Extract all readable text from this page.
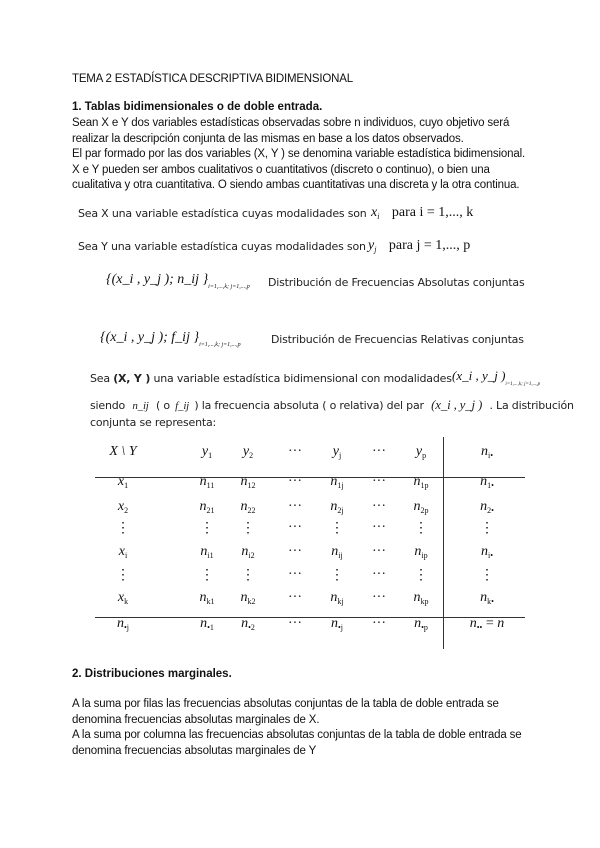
TEMA 2 ESTADÍSTICA DESCRIPTIVA BIDIMENSIONAL
1. Tablas bidimensionales o de doble entrada.
Sean X e Y dos variables estadísticas observadas sobre n individuos, cuyo objetivo será
realizar la descripción conjunta de las mismas en base a los datos observados.
El par formado por las dos variables (X, Y ) se denomina variable estadística bidimensional.
X e Y pueden ser ambos cualitativos o cuantitativos (discreto o continuo), o bien una
cualitativa y otra cuantitativa. O siendo ambas cuantitativas una discreta y la otra continua.
Sea X una variable estadística cuyas modalidades son $x_i$ para i = 1,..., k
Sea Y una variable estadística cuyas modalidades son $y_j$ para j = 1,..., p
{(x_i , y_j ); n_ij }$_{i=1,...,k; j=1,...,p}$ Distribución de Frecuencias Absolutas conjuntas
{(x_i , y_j ); f_ij }$_{i=1,...,k; j=1,...,p}$	Distribución de Frecuencias Relativas conjuntas
Sea (X, Y ) una variable estadística bidimensional con modalidades (x_i , y_j )$_{i=1,...,k; j=1,...,p}$
siendo n_ij ( o f_ij ) la frecuencia absoluta ( o relativa) del par (x_i , y_j ) . La distribución
conjunta se representa:
X \ Y	$y_1$	$y_2$	···	$y_j$	···	$y_p$	$n_{i•}$
$x_1$	$n_{11}$	$n_{12}$	···	$n_{1j}$	···	$n_{1p}$	$n_{1•}$
$x_2$	$n_{21}$	$n_{22}$	···	$n_{2j}$	···	$n_{2p}$	$n_{2•}$
⋮	⋮	⋮	···	⋮	···	⋮	⋮
$x_i$	$n_{i1}$	$n_{i2}$	···	$n_{ij}$	···	$n_{ip}$	$n_{i•}$
⋮	⋮	⋮	···	⋮	···	⋮	⋮
$x_k$	$n_{k1}$	$n_{k2}$	···	$n_{kj}$	···	$n_{kp}$	$n_{k•}$
$n_{•j}$	$n_{•1}$	$n_{•2}$	···	$n_{•j}$	···	$n_{•p}$	$n_{••} = n$
2. Distribuciones marginales.
A la suma por filas las frecuencias absolutas conjuntas de la tabla de doble entrada se
denomina frecuencias absolutas marginales de X.
A la suma por columna las frecuencias absolutas conjuntas de la tabla de doble entrada se
denomina frecuencias absolutas marginales de Y
